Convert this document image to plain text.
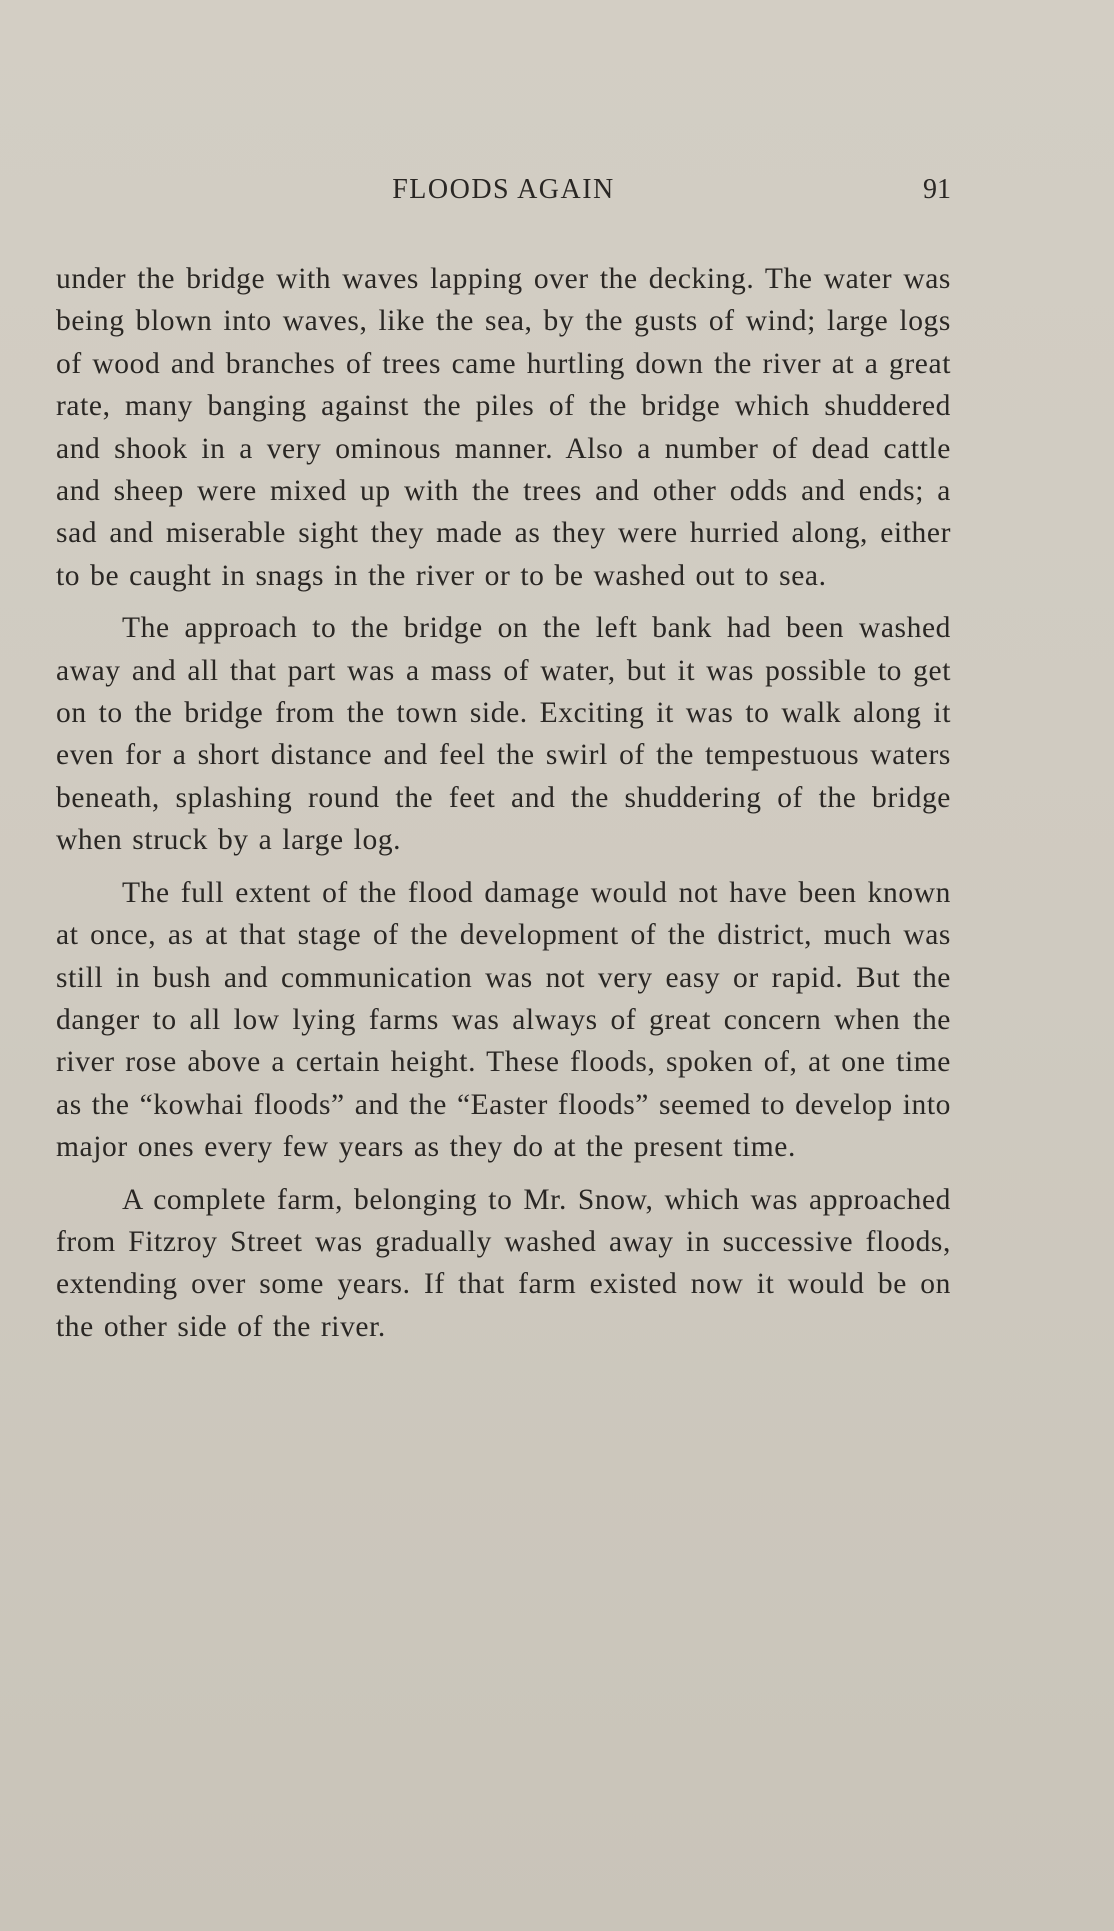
FLOODS AGAIN	91

under the bridge with waves lapping over the decking. The water was being blown into waves, like the sea, by the gusts of wind; large logs of wood and branches of trees came hurtling down the river at a great rate, many banging against the piles of the bridge which shuddered and shook in a very ominous manner. Also a number of dead cattle and sheep were mixed up with the trees and other odds and ends; a sad and miserable sight they made as they were hurried along, either to be caught in snags in the river or to be washed out to sea.

The approach to the bridge on the left bank had been washed away and all that part was a mass of water, but it was possible to get on to the bridge from the town side. Exciting it was to walk along it even for a short distance and feel the swirl of the tempestuous waters beneath, splashing round the feet and the shuddering of the bridge when struck by a large log.

The full extent of the flood damage would not have been known at once, as at that stage of the development of the district, much was still in bush and communication was not very easy or rapid. But the danger to all low lying farms was always of great concern when the river rose above a certain height. These floods, spoken of, at one time as the “kowhai floods” and the “Easter floods” seemed to develop into major ones every few years as they do at the present time.

A complete farm, belonging to Mr. Snow, which was approached from Fitzroy Street was gradually washed away in successive floods, extending over some years. If that farm existed now it would be on the other side of the river.
